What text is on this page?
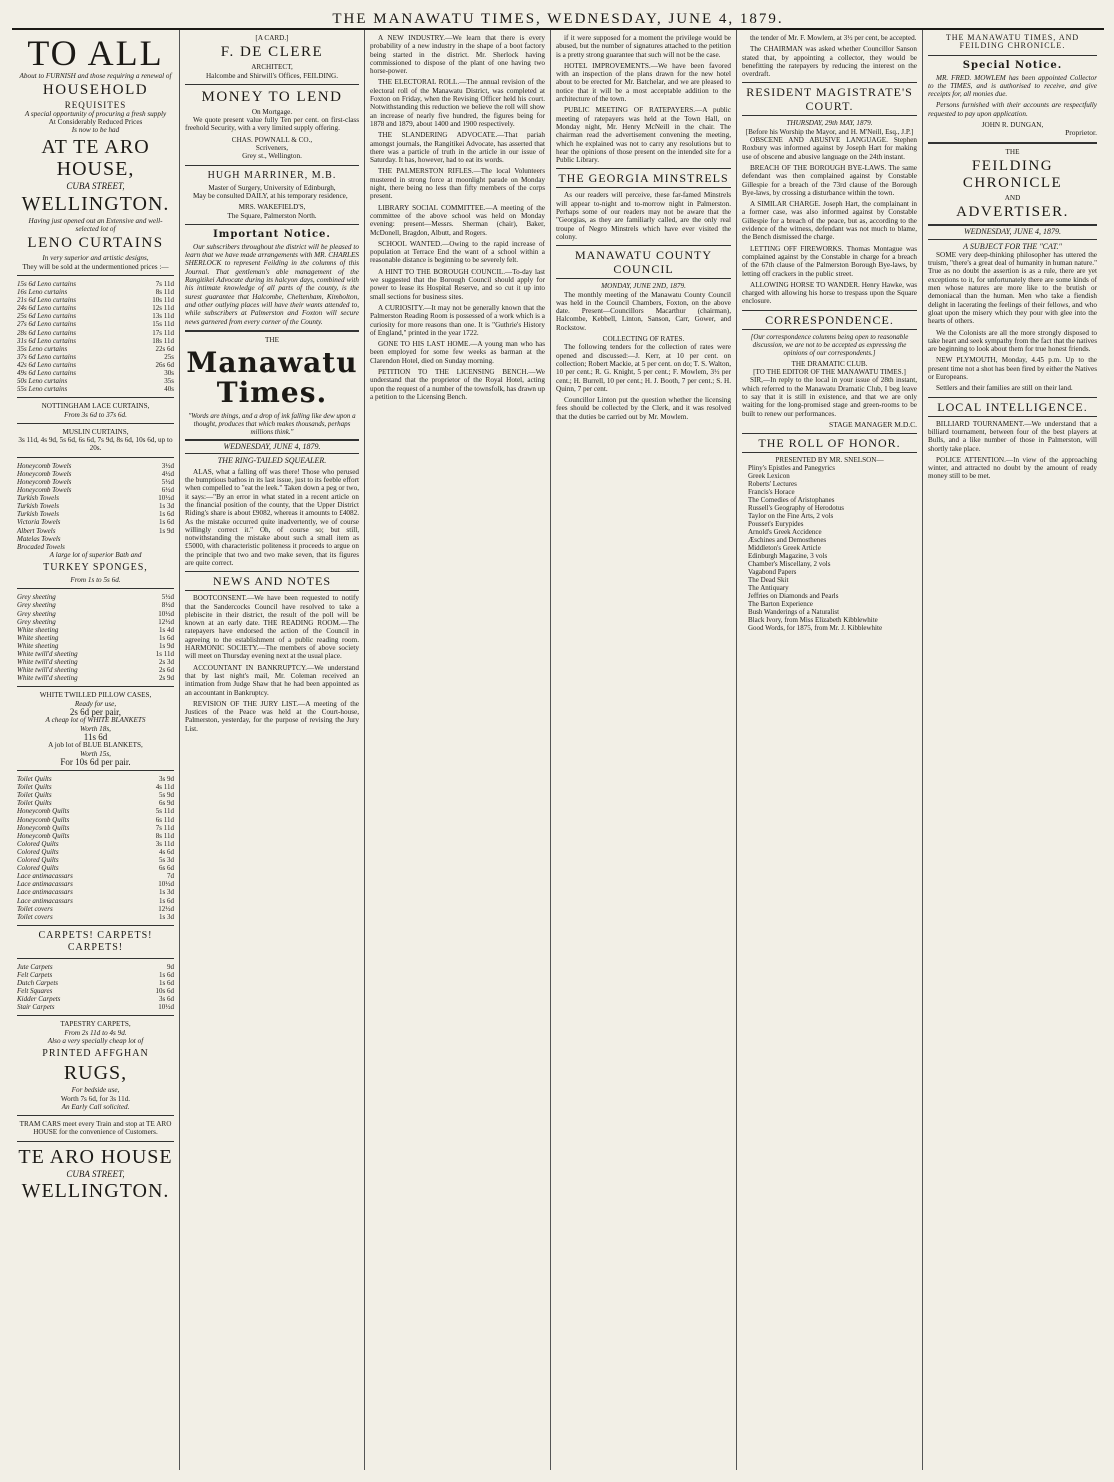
THE MANAWATU TIMES, WEDNESDAY, JUNE 4, 1879.
TO ALL
About to FURNISH and those requiring a renewal of
HOUSEHOLD
REQUISITES
A special opportunity of procuring a fresh supply
At Considerably Reduced Prices
Is now to be had
AT TE ARO HOUSE,
CUBA STREET,
WELLINGTON.
Having just opened out an Extensive and well-selected lot of
LENO CURTAINS
In very superior and artistic designs,
They will be sold at the undermentioned prices :—
15s 6d Leno curtains	7s 11d
16s Leno curtains	8s 11d
21s 6d Leno curtains	10s 11d
24s 6d Leno curtains	12s 11d
25s 6d Leno curtains	13s 11d
27s 6d Leno curtains	15s 11d
28s 6d Leno curtains	17s 11d
31s 6d Leno curtains	18s 11d
35s Leno curtains	22s 6d
37s 6d Leno curtains	25s
42s 6d Leno curtains	26s 6d
49s 6d Leno curtains	30s
50s Leno curtains	35s
55s Leno curtains	40s
NOTTINGHAM LACE CURTAINS,
From 3s 6d to 37s 6d.
MUSLIN CURTAINS,
3s 11d, 4s 9d, 5s 6d, 6s 6d, 7s 9d, 8s 6d, 10s 6d, up to 20s.
Honeycomb Towels	3½d
Honeycomb Towels	4½d
Honeycomb Towels	5½d
Honeycomb Towels	6½d
Turkish Towels	10½d
Turkish Towels	1s 3d
Turkish Towels	1s 6d
Victoria Towels	1s 6d
Albert Towels	1s 9d
Matelas Towels
Brocaded Towels
A large lot of superior Bath and
TURKEY SPONGES,
From 1s to 5s 6d.
Grey sheeting	5½d
Grey sheeting	8½d
Grey sheeting	10½d
Grey sheeting	12½d
White sheeting	1s 4d
White sheeting	1s 6d
White sheeting	1s 9d
White twill'd sheeting	1s 11d
White twill'd sheeting	2s 3d
White twill'd sheeting	2s 6d
White twill'd sheeting	2s 9d
WHITE TWILLED PILLOW CASES,
Ready for use,
2s 6d per pair,
A cheap lot of WHITE BLANKETS
Worth 18s,
11s 6d
A job lot of BLUE BLANKETS,
Worth 15s,
For 10s 6d per pair.
Toilet Quilts	3s 9d
Toilet Quilts	4s 11d
Toilet Quilts	5s 9d
Toilet Quilts	6s 9d
Honeycomb Quilts	5s 11d
Honeycomb Quilts	6s 11d
Honeycomb Quilts	7s 11d
Honeycomb Quilts	8s 11d
Colored Quilts	3s 11d
Colored Quilts	4s 6d
Colored Quilts	5s 3d
Colored Quilts	6s 6d
Lace antimacassars	7d
Lace antimacassars	10½d
Lace antimacassars	1s 3d
Lace antimacassars	1s 6d
Toilet covers	12½d
Toilet covers	1s 3d
CARPETS! CARPETS! CARPETS!
Jute Carpets	9d
Felt Carpets	1s 6d
Dutch Carpets	1s 6d
Felt Squares	10s 6d
Kidder Carpets	3s 6d
Stair Carpets	10½d
TAPESTRY CARPETS,
From 2s 11d to 4s 9d.
Also a very specially cheap lot of
PRINTED AFFGHAN
RUGS,
For bedside use,
Worth 7s 6d, for 3s 11d.
An Early Call solicited.
TRAM CARS meet every Train and stop at TE ARO HOUSE for the convenience of Customers.
TE ARO HOUSE
CUBA STREET,
WELLINGTON.
[A CARD.]
F. DE CLERE
ARCHITECT,
Halcombe and Shirwill's Offices, FEILDING.
MONEY TO LEND
On Mortgage.
We quote present value fully Ten per cent. on first-class freehold Security, with a very limited supply offering.
CHAS. POWNALL & CO.,
Scriveners,
Grey st., Wellington.
HUGH MARRINER, M.B.
Master of Surgery, University of Edinburgh,
May be consulted DAILY, at his temporary residence,
MRS. WAKEFIELD'S,
The Square, Palmerston North.
Important Notice.
Our subscribers throughout the district will be pleased to learn that we have made arrangements with MR. CHARLES SHERLOCK to represent Feilding in the columns of this Journal. That gentleman's able management of the Rangitikei Advocate during its halcyon days, combined with his intimate knowledge of all parts of the county, is the surest guarantee that Halcombe, Cheltenham, Kimbolton, and other outlying places will have their wants attended to, while subscribers at Palmerston and Foxton will secure news garnered from every corner of the County.
THE
Manawatu Times.
"Words are things, and a drop of ink falling like dew upon a thought, produces that which makes thousands, perhaps millions think."
WEDNESDAY, JUNE 4, 1879.
THE RING-TAILED SQUEALER.
ALAS, what a falling off was there! Those who perused the bumptious bathos in its last issue, just to its feeble effort when compelled to "eat the leek." Taken down a peg or two, it says:—"By an error in what stated in a recent article on the financial position of the county, that the Upper District Riding's share is about £9082, whereas it amounts to £4082. As the mistake occurred quite inadvertently, we of course willingly correct it." Oh, of course so; but still, notwithstanding the mistake about such a small item as £5000, with characteristic politeness it proceeds to argue on the principle that two and two make seven, that its figures are quite correct.
NEWS AND NOTES
BOOTCONSENT.—We have been requested to notify that the Sandercocks Council have resolved to take a plebiscite in their district, the result of the poll will be known at an early date. THE READING ROOM.—The ratepayers have endorsed the action of the Council in agreeing to the establishment of a public reading room. HARMONIC SOCIETY.—The members of above society will meet on Thursday evening next at the usual place.
ACCOUNTANT IN BANKRUPTCY.—We understand that by last night's mail, Mr. Coleman received an intimation from Judge Shaw that he had been appointed as an accountant in Bankruptcy.
REVISION OF THE JURY LIST.—A meeting of the Justices of the Peace was held at the Court-house, Palmerston, yesterday, for the purpose of revising the Jury List.
A NEW INDUSTRY.—We learn that there is every probability of a new industry in the shape of a boot factory being started in the district. Mr. Sherlock having commissioned to dispose of the plant of one having two horse-power.
THE ELECTORAL ROLL.—The annual revision of the electoral roll of the Manawatu District, was completed at Foxton on Friday, when the Revising Officer held his court. Notwithstanding this reduction we believe the roll will show an increase of nearly five hundred, the figures being for 1878 and 1879, about 1400 and 1900 respectively.
THE SLANDERING ADVOCATE.—That pariah amongst journals, the Rangitikei Advocate, has asserted that there was a particle of truth in the article in our issue of Saturday. It has, however, had to eat its words.
THE PALMERSTON RIFLES.—The local Volunteers mustered in strong force at moonlight parade on Monday night, there being no less than fifty members of the corps present.
LIBRARY SOCIAL COMMITTEE.—A meeting of the committee of the above school was held on Monday evening: present—Messrs. Sherman (chair), Baker, McDonell, Bragdon, Albutt, and Rogers.
SCHOOL WANTED.—Owing to the rapid increase of population at Terrace End the want of a school within a reasonable distance is beginning to be severely felt.
A HINT TO THE BOROUGH COUNCIL.—To-day last we suggested that the Borough Council should apply for power to lease its Hospital Reserve, and so cut it up into small sections for business sites.
A CURIOSITY.—It may not be generally known that the Palmerston Reading Room is possessed of a work which is a curiosity for more reasons than one. It is "Guthrie's History of England," printed in the year 1722.
GONE TO HIS LAST HOME.—A young man who has been employed for some few weeks as barman at the Clarendon Hotel, died on Sunday morning.
PETITION TO THE LICENSING BENCH.—We understand that the proprietor of the Royal Hotel, acting upon the request of a number of the townsfolk, has drawn up a petition to the Licensing Bench.
if it were supposed for a moment the privilege would be abused, but the number of signatures attached to the petition is a pretty strong guarantee that such will not be the case.
HOTEL IMPROVEMENTS.—We have been favored with an inspection of the plans drawn for the new hotel about to be erected for Mr. Batchelar, and we are pleased to notice that it will be a most acceptable addition to the architecture of the town.
PUBLIC MEETING OF RATEPAYERS.—A public meeting of ratepayers was held at the Town Hall, on Monday night, Mr. Henry McNeill in the chair. The chairman read the advertisement convening the meeting, which he explained was not to carry any resolutions but to hear the opinions of those present on the intended site for a Public Library.
THE GEORGIA MINSTRELS
As our readers will perceive, these far-famed Minstrels will appear to-night and to-morrow night in Palmerston. Perhaps some of our readers may not be aware that the "Georgias, as they are familiarly called, are the only real troupe of Negro Minstrels which have ever visited the colony.
MANAWATU COUNTY COUNCIL
MONDAY, JUNE 2ND, 1879.
The monthly meeting of the Manawatu County Council was held in the Council Chambers, Foxton, on the above date. Present—Councillors Macarthur (chairman), Halcombe, Kebbell, Linton, Sanson, Carr, Gower, and Rockstow.
COLLECTING OF RATES.
The following tenders for the collection of rates were opened and discussed:—J. Kerr, at 10 per cent. on collection; Robert Mackie, at 5 per cent. on do; T. S. Walton, 10 per cent.; R. G. Knight, 5 per cent.; F. Mowlem, 3½ per cent.; H. Burrell, 10 per cent.; H. J. Booth, 7 per cent.; S. H. Quinn, 7 per cent.
Councillor Linton put the question whether the licensing fees should be collected by the Clerk, and it was resolved that the duties be carried out by Mr. Mowlem.
the tender of Mr. F. Mowlem, at 3½ per cent, be accepted.
The CHAIRMAN was asked whether Councillor Sanson stated that, by appointing a collector, they would be benefitting the ratepayers by reducing the interest on the overdraft.
RESIDENT MAGISTRATE'S COURT.
THURSDAY, 29th MAY, 1879.
[Before his Worship the Mayor, and H. M'Neill, Esq., J.P.]
OBSCENE AND ABUSIVE LANGUAGE. Stephen Roxbury was informed against by Joseph Hart for making use of obscene and abusive language on the 24th instant.
BREACH OF THE BOROUGH BYE-LAWS. The same defendant was then complained against by Constable Gillespie for a breach of the 73rd clause of the Borough Bye-laws, by crossing a disturbance within the town.
A SIMILAR CHARGE. Joseph Hart, the complainant in a former case, was also informed against by Constable Gillespie for a breach of the peace, but as, according to the evidence of the witness, defendant was not much to blame, the Bench dismissed the charge.
LETTING OFF FIREWORKS. Thomas Montague was complained against by the Constable in charge for a breach of the 67th clause of the Palmerston Borough Bye-laws, by letting off crackers in the public street.
ALLOWING HORSE TO WANDER. Henry Hawke, was charged with allowing his horse to trespass upon the Square enclosure.
CORRESPONDENCE.
[Our correspondence columns being open to reasonable discussion, we are not to be accepted as expressing the opinions of our correspondents.]
THE DRAMATIC CLUB.
[TO THE EDITOR OF THE MANAWATU TIMES.]
SIR,—In reply to the local in your issue of 28th instant, which referred to the Manawatu Dramatic Club, I beg leave to say that it is still in existence, and that we are only waiting for the long-promised stage and green-rooms to be built to renew our performances.
STAGE MANAGER M.D.C.
THE ROLL OF HONOR.
PRESENTED BY MR. SNELSON—
Pliny's Epistles and Panegyrics
Greek Lexicon
Roberts' Lectures
Francis's Horace
The Comedies of Aristophanes
Russell's Geography of Herodotus
Taylor on the Fine Arts, 2 vols
Pousset's Eurypides
Arnold's Greek Accidence
Æschines and Demosthenes
Middleton's Greek Article
Edinburgh Magazine, 3 vols
Chamber's Miscellany, 2 vols
Vagabond Papers
The Dead Skit
The Antiquary
Jeffries on Diamonds and Pearls
The Barton Experience
Bush Wanderings of a Naturalist
Black Ivory, from Miss Elizabeth Kibblewhite
Good Words, for 1875, from Mr. J. Kibblewhite
THE MANAWATU TIMES, AND FEILDING CHRONICLE.
Special Notice.
MR. FRED. MOWLEM has been appointed Collector to the TIMES, and is authorised to receive, and give receipts for, all monies due.
Persons furnished with their accounts are respectfully requested to pay upon application.
JOHN R. DUNGAN,
Proprietor.
THE
FEILDING CHRONICLE
AND
ADVERTISER.
WEDNESDAY, JUNE 4, 1879.
A SUBJECT FOR THE "CAT."
SOME very deep-thinking philosopher has uttered the truism, "there's a great deal of humanity in human nature." True as no doubt the assertion is as a rule, there are yet exceptions to it, for unfortunately there are some kinds of men whose natures are more like to the brutish or demoniacal than the human. Men who take a fiendish delight in lacerating the feelings of their fellows, and who gloat upon the misery which they pour with glee into the hearts of others.
We the Colonists are all the more strongly disposed to take heart and seek sympathy from the fact that the natives are beginning to look about them for true honest friends.
NEW PLYMOUTH, Monday, 4.45 p.m. Up to the present time not a shot has been fired by either the Natives or Europeans.
Settlers and their families are still on their land.
LOCAL INTELLIGENCE.
BILLIARD TOURNAMENT.—We understand that a billiard tournament, between four of the best players at Bulls, and a like number of those in Palmerston, will shortly take place.
POLICE ATTENTION.—In view of the approaching winter, and attracted no doubt by the amount of ready money still to be met.
